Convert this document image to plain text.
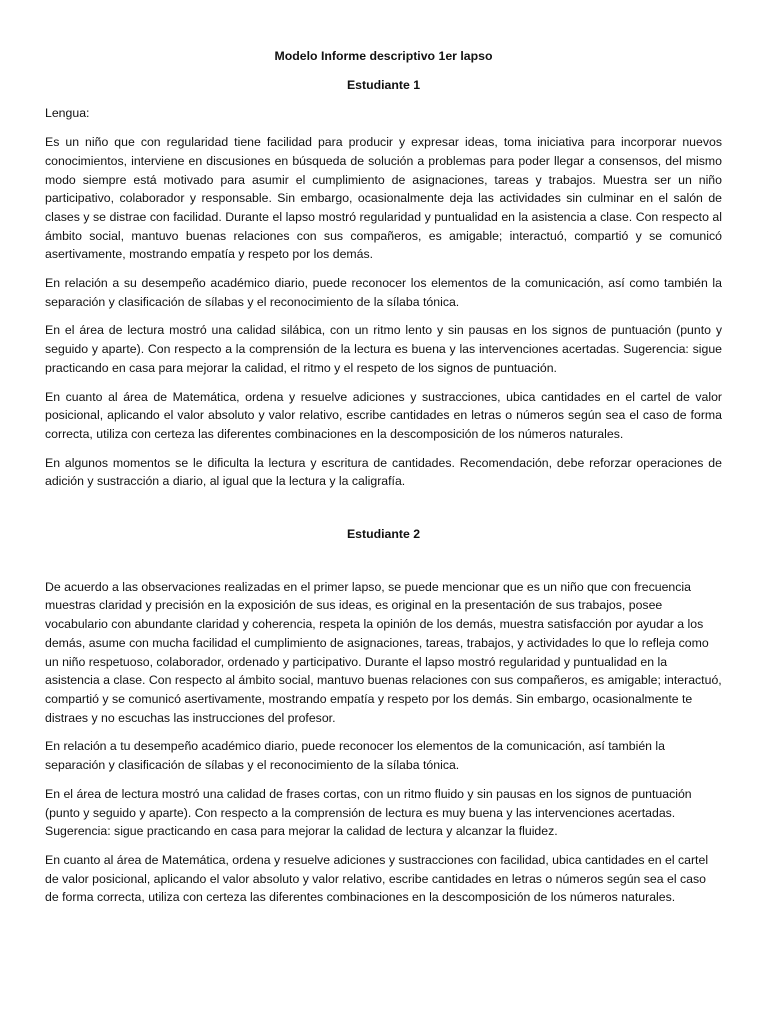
Modelo Informe descriptivo 1er lapso
Estudiante 1
Lengua:

Es un niño que con regularidad tiene facilidad para producir y expresar ideas, toma iniciativa para incorporar nuevos conocimientos, interviene en discusiones en búsqueda de solución a problemas para poder llegar a consensos, del mismo modo siempre está motivado para asumir el cumplimiento de asignaciones, tareas y trabajos. Muestra ser un niño participativo, colaborador y responsable. Sin embargo, ocasionalmente deja las actividades sin culminar en el salón de clases y se distrae con facilidad. Durante el lapso mostró regularidad y puntualidad en la asistencia a clase. Con respecto al ámbito social, mantuvo buenas relaciones con sus compañeros, es amigable; interactuó, compartió y se comunicó asertivamente, mostrando empatía y respeto por los demás.

En relación a su desempeño académico diario, puede reconocer los elementos de la comunicación, así como también la separación y clasificación de sílabas y el reconocimiento de la sílaba tónica.

En el área de lectura mostró una calidad silábica, con un ritmo lento y sin pausas en los signos de puntuación (punto y seguido y aparte). Con respecto a la comprensión de la lectura es buena y las intervenciones acertadas. Sugerencia: sigue practicando en casa para mejorar la calidad, el ritmo y el respeto de los signos de puntuación.

En cuanto al área de Matemática, ordena y resuelve adiciones y sustracciones, ubica cantidades en el cartel de valor posicional, aplicando el valor absoluto y valor relativo, escribe cantidades en letras o números según sea el caso de forma correcta, utiliza con certeza las diferentes combinaciones en la descomposición de los números naturales.

En algunos momentos se le dificulta la lectura y escritura de cantidades. Recomendación, debe reforzar operaciones de adición y sustracción a diario, al igual que la lectura y la caligrafía.

Estudiante 2

De acuerdo a las observaciones realizadas en el primer lapso, se puede mencionar que es un niño que con frecuencia muestras claridad y precisión en la exposición de sus ideas, es original en la presentación de sus trabajos, posee vocabulario con abundante claridad y coherencia, respeta la opinión de los demás, muestra satisfacción por ayudar a los demás, asume con mucha facilidad el cumplimiento de asignaciones, tareas, trabajos, y actividades lo que lo refleja como un niño respetuoso, colaborador, ordenado y participativo. Durante el lapso mostró regularidad y puntualidad en la asistencia a clase. Con respecto al ámbito social, mantuvo buenas relaciones con sus compañeros, es amigable; interactuó, compartió y se comunicó asertivamente, mostrando empatía y respeto por los demás. Sin embargo, ocasionalmente te distraes y no escuchas las instrucciones del profesor.

En relación a tu desempeño académico diario, puede reconocer los elementos de la comunicación, así también la separación y clasificación de sílabas y el reconocimiento de la sílaba tónica.

En el área de lectura mostró una calidad de frases cortas, con un ritmo fluido y sin pausas en los signos de puntuación (punto y seguido y aparte). Con respecto a la comprensión de lectura es muy buena y las intervenciones acertadas. Sugerencia: sigue practicando en casa para mejorar la calidad de lectura y alcanzar la fluidez.

En cuanto al área de Matemática, ordena y resuelve adiciones y sustracciones con facilidad, ubica cantidades en el cartel de valor posicional, aplicando el valor absoluto y valor relativo, escribe cantidades en letras o números según sea el caso de forma correcta, utiliza con certeza las diferentes combinaciones en la descomposición de los números naturales.
